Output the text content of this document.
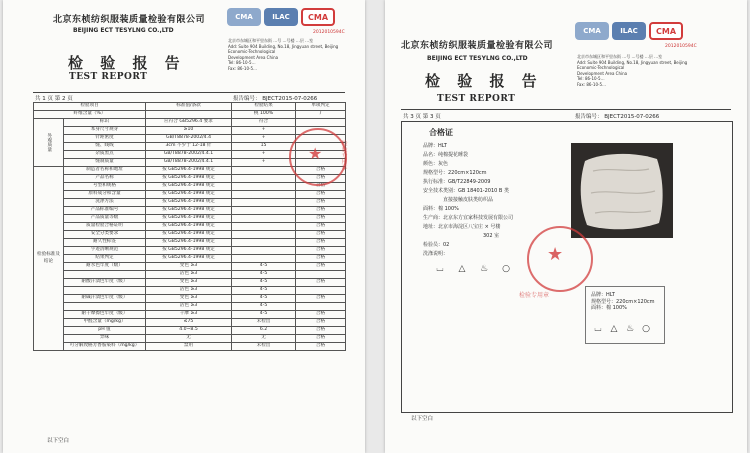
北京东桢纺织服装质量检验有限公司
BEIJING ECT TESYLNG CO.,LTD
检 验 报 告
TEST REPORT
CMA	ILAC	CMA
2012010594C
北京市东城区和平里东街 …号 …号楼 …层 …室
Add: Suite 904 Building, No.18, Jingyuan street, Beijing
Economic-Technological
Development Area China
Tel: 86-10-5…
Fax: 86-10-5…
共 1 页 第 2 页	报告编号： BJECT2015-07-0266
检验项目		标准值/条款	检验结果	单项判定
纤维含量（%）			桃 100%	/
外观质量	标识	应符合 GB5296.4 要求	符合	
	本身尺寸规芽	≥10	+	
	针距密度	GB/T8878-2002/4.4	+	
	缝、线线	3cm 不少于 12-18 针	15	
	杂质黑点	GB/T8878-2002/4.4.1	+	
	缝制质量	GB/T8878-2002/4.4.1	+	
检验标准及结论	制造者名称和地址	按 GB5296.4-1998 规定		合格
	产品名称	按 GB5296.4-1998 规定		合格
	号型和规格	按 GB5296.4-1998 规定		合格
	原料成分和含量	按 GB5296.4-1998 规定		合格
	洗涤方法	按 GB5296.4-1998 规定		合格
	产品标准编号	按 GB5296.4-1998 规定		合格
	产品质量等级	按 GB5296.4-1998 规定		合格
	质量检验合格证明	按 GB5296.4-1998 规定		合格
	安全分类要求	按 GB5296.4-1998 规定		合格
	耐久性标签	按 GB5296.4-1998 规定		合格
	字迹清晰规范	按 GB5296.4-1998 规定		合格
	结果判定	按 GB5296.4-1998 规定		合格
	耐水色牢度（级）	变色 ≥3	4-5	合格
		沾色 ≥3	4-5	
	耐酸汗渍色牢度（级）	变色 ≥3	4-5	合格
		沾色 ≥3	4-5	
	耐碱汗渍色牢度（级）	变色 ≥3	4-5	合格
		沾色 ≥3	4-5	
	耐干摩擦色牢度（级）	干摩 ≥3	4-5	合格
	甲醛含量（mg/kg）	≤75	未检出	合格
	pH 值	4.0~8.5	6.2	合格
	异味	无	无	合格
	可分解致癌芳香胺染料（mg/kg）	禁用	未检出	合格
以下空白
★	检验专用章
北京东桢纺织服装质量检验有限公司
BEIJING ECT TESYLNG CO.,LTD
检 验 报 告
TEST REPORT
CMA	ILAC	CMA
2012010594C
北京市东城区和平里东街 …号 …号楼 …层 …室
Add: Suite 904 Building, No.18, Jingyuan street, Beijing
Economic-Technological
Development Area China
Tel: 86-10-5…
Fax: 86-10-5…
共 3 页 第 3 页	报告编号： BJECT2015-07-0266
合格证
品牌：HLT
品名：纯棉提花睡袋
颜色：灰色
规格型号：220cm×120cm
执行标准：GB/T22849-2009
安全技术类别：GB 18401-2010 B 类
直接接触皮肤类纺织品
面料：棉 100%
生产商：北京东方宜家科技发展有限公司
地址：北京市海淀区八宝庄 × 号楼
302 室
检验员：02
洗涤说明：
⌴	△	♨	○
品牌：HLT
规格型号：220cm×120cm
面料：棉 100%
⌴ △ ♨ ○
以下空白
★
检验专用章
